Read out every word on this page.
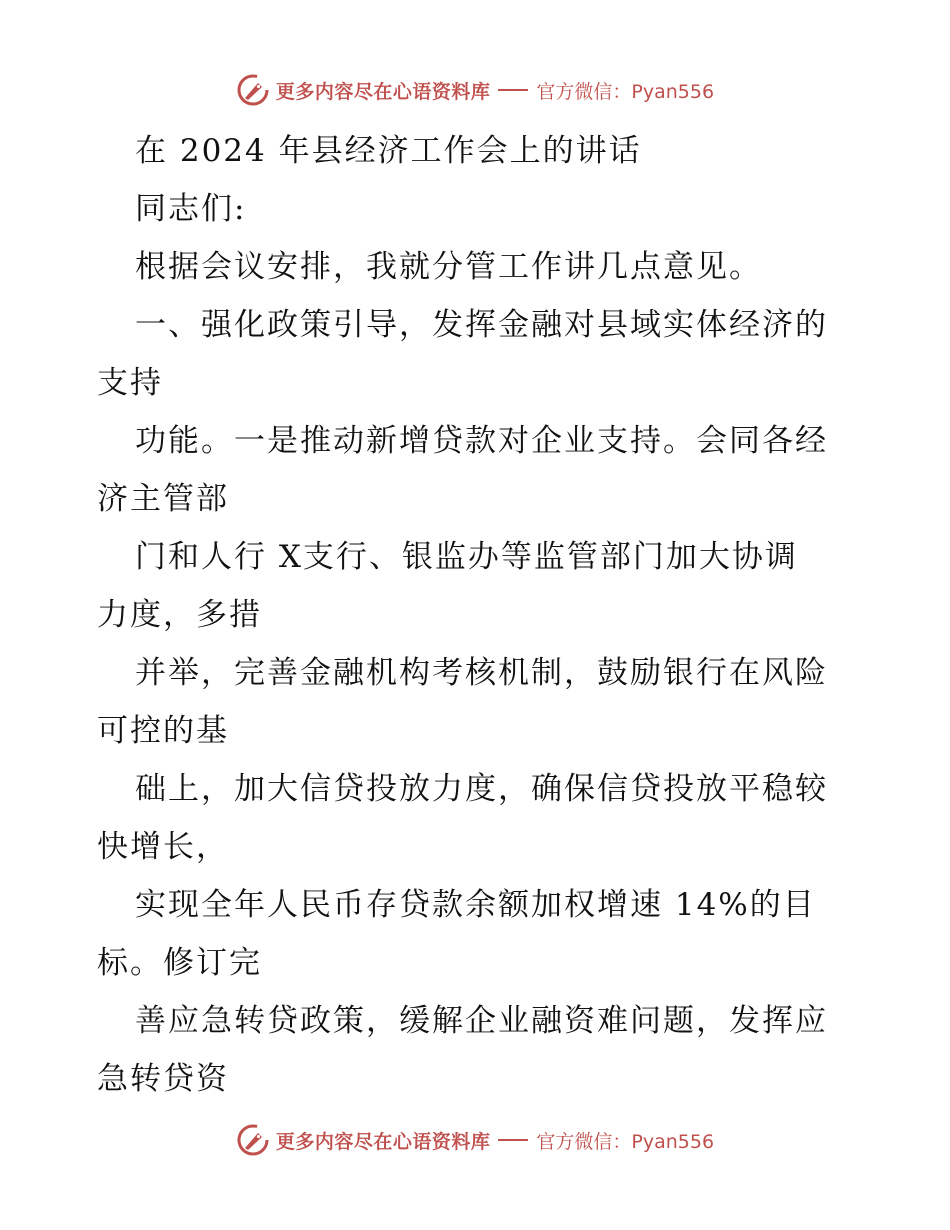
更多内容尽在心语资料库 官方微信：Pyan556
在 2024 年县经济工作会上的讲话
同志们:
根据会议安排，我就分管工作讲几点意见。
一、强化政策引导，发挥金融对县域实体经济的
支持
功能。一是推动新增贷款对企业支持。会同各经
济主管部
门和人行 X支行、银监办等监管部门加大协调
力度，多措
并举，完善金融机构考核机制，鼓励银行在风险
可控的基
础上，加大信贷投放力度，确保信贷投放平稳较
快增长，
实现全年人民币存贷款余额加权增速 14%的目
标。修订完
善应急转贷政策，缓解企业融资难问题，发挥应
急转贷资
更多内容尽在心语资料库 官方微信：Pyan556
